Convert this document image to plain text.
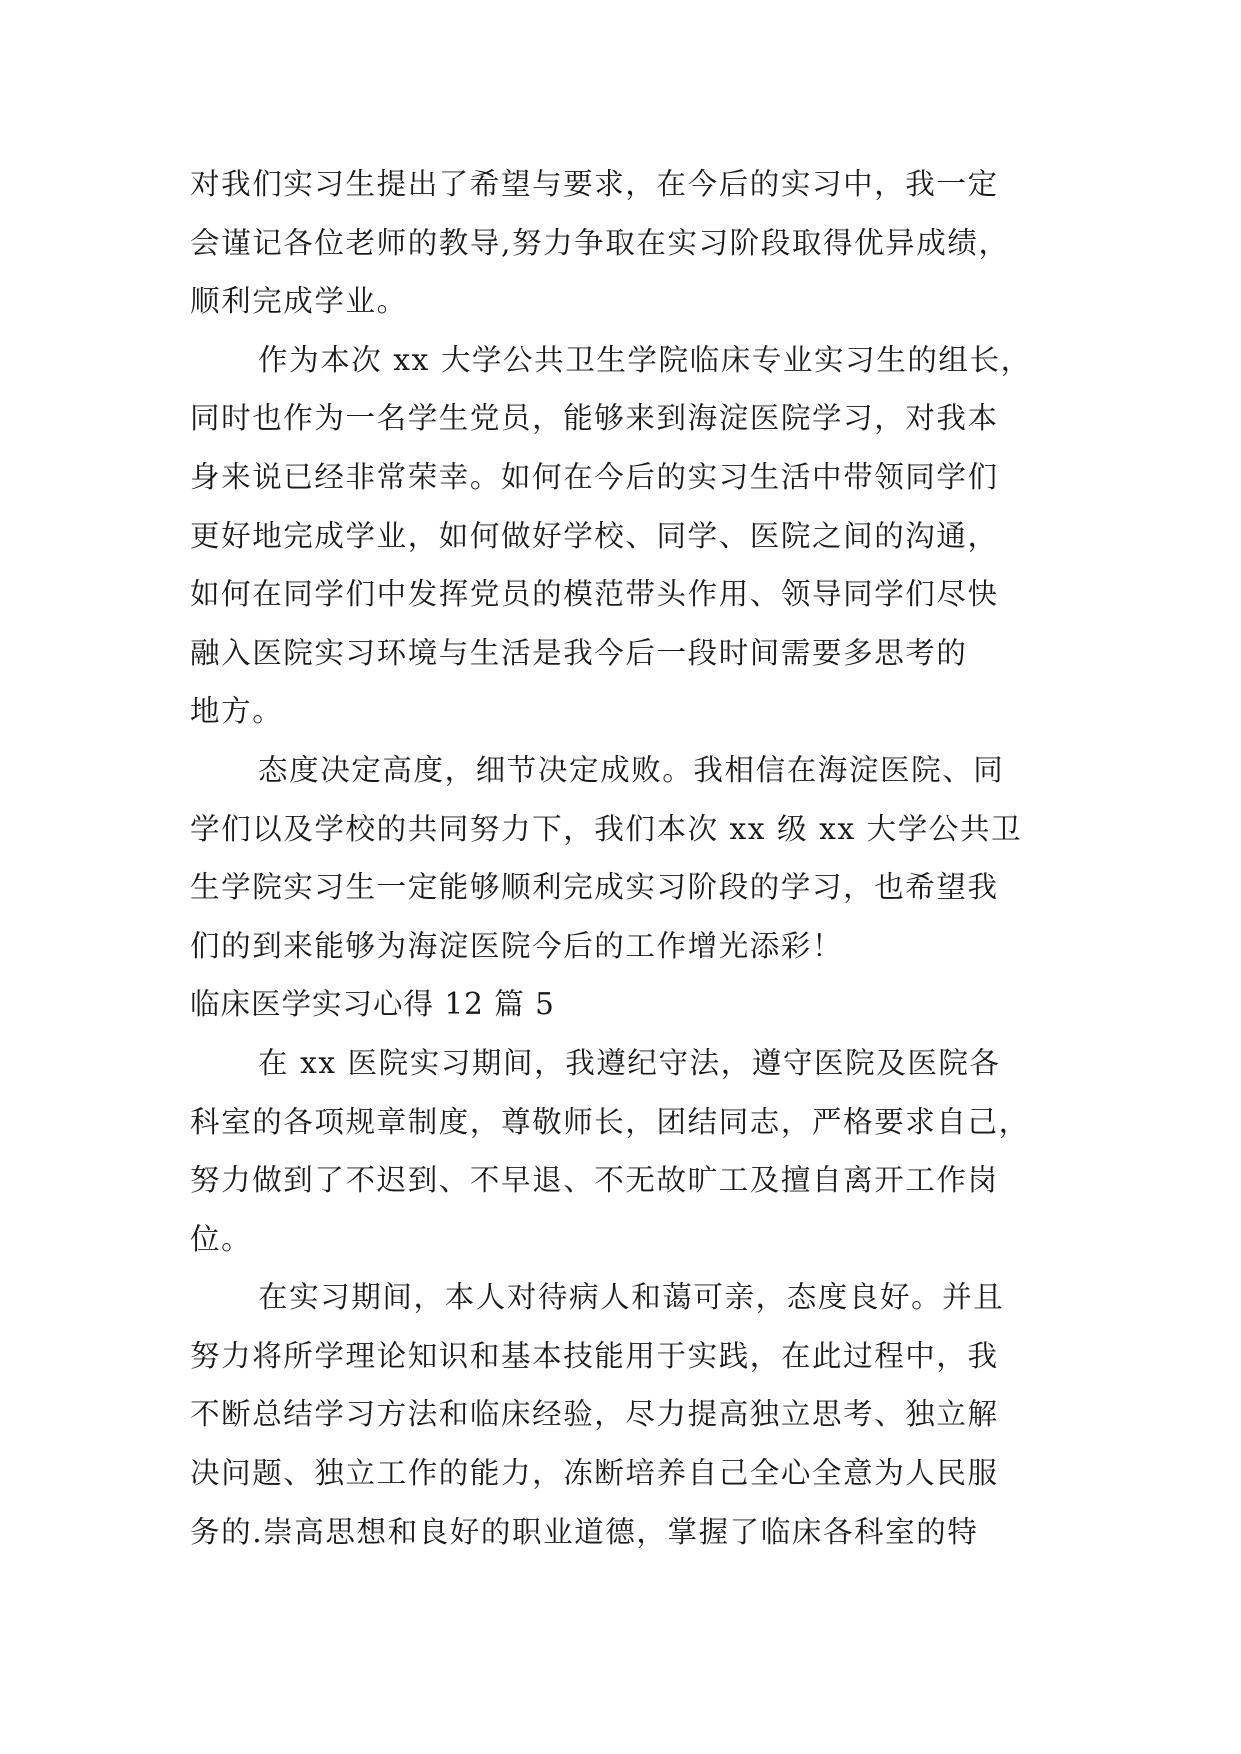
对我们实习生提出了希望与要求，在今后的实习中，我一定
会谨记各位老师的教导,努力争取在实习阶段取得优异成绩，
顺利完成学业。
作为本次 xx 大学公共卫生学院临床专业实习生的组长，
同时也作为一名学生党员，能够来到海淀医院学习，对我本
身来说已经非常荣幸。如何在今后的实习生活中带领同学们
更好地完成学业，如何做好学校、同学、医院之间的沟通，
如何在同学们中发挥党员的模范带头作用、领导同学们尽快
融入医院实习环境与生活是我今后一段时间需要多思考的
地方。
态度决定高度，细节决定成败。我相信在海淀医院、同
学们以及学校的共同努力下，我们本次 xx 级 xx 大学公共卫
生学院实习生一定能够顺利完成实习阶段的学习，也希望我
们的到来能够为海淀医院今后的工作增光添彩！
临床医学实习心得 12 篇 5
在 xx 医院实习期间，我遵纪守法，遵守医院及医院各
科室的各项规章制度，尊敬师长，团结同志，严格要求自己，
努力做到了不迟到、不早退、不无故旷工及擅自离开工作岗
位。
在实习期间，本人对待病人和蔼可亲，态度良好。并且
努力将所学理论知识和基本技能用于实践，在此过程中，我
不断总结学习方法和临床经验，尽力提高独立思考、独立解
决问题、独立工作的能力，冻断培养自己全心全意为人民服
务的.崇高思想和良好的职业道德，掌握了临床各科室的特
